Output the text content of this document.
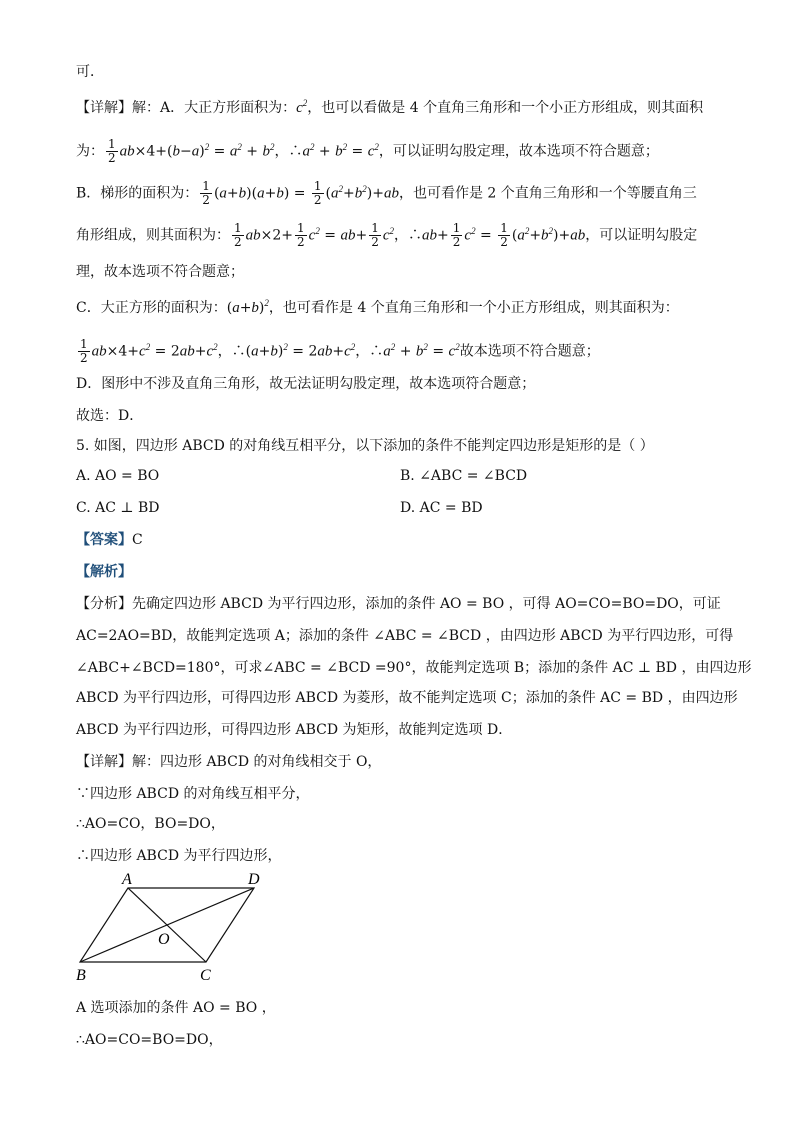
可．
【详解】解：A．大正方形面积为：$c^2$，也可以看做是 4 个直角三角形和一个小正方形组成，则其面积
为： $\frac{1}{2} ab\times 4+(b-a)^2 = a^2 + b^2$，$\therefore a^2 + b^2 = c^2$，可以证明勾股定理，故本选项不符合题意；
B．梯形的面积为： $\frac{1}{2} (a+b)(a+b) = \frac{1}{2} (a^2+b^2)+ab$，也可看作是 2 个直角三角形和一个等腰直角三
角形组成，则其面积为： $\frac{1}{2} ab\times 2+ \frac{1}{2} c^2 = ab+ \frac{1}{2} c^2$，∴ab+ $\frac{1}{2} c^2 = \frac{1}{2} (a^2+b^2)+ab$，可以证明勾股定
理，故本选项不符合题意；
C．大正方形的面积为：$(a+b)^2$，也可看作是 4 个直角三角形和一个小正方形组成，则其面积为：
$\frac{1}{2} ab\times 4+c^2 = 2ab+c^2$，$\therefore(a+b)^2 = 2ab+c^2$，$\therefore a^2 + b^2 = c^2$故本选项不符合题意；
D．图形中不涉及直角三角形，故无法证明勾股定理，故本选项符合题意；
故选：D．
5. 如图，四边形 ABCD 的对角线互相平分，以下添加的条件不能判定四边形是矩形的是（ ）
A. AO = BO	B. ∠ABC = ∠BCD
C. AC ⊥ BD	D. AC = BD
【答案】C
【解析】
【分析】先确定四边形 ABCD 为平行四边形，添加的条件 AO = BO ，可得 AO=CO=BO=DO，可证
AC=2AO=BD，故能判定选项 A；添加的条件 ∠ABC = ∠BCD ，由四边形 ABCD 为平行四边形，可得
∠ABC+∠BCD=180°，可求∠ABC = ∠BCD =90°，故能判定选项 B；添加的条件 AC ⊥ BD ，由四边形
ABCD 为平行四边形，可得四边形 ABCD 为菱形，故不能判定选项 C；添加的条件 AC = BD ，由四边形
ABCD 为平行四边形，可得四边形 ABCD 为矩形，故能判定选项 D．
【详解】解：四边形 ABCD 的对角线相交于 O，
∵四边形 ABCD 的对角线互相平分，
∴AO=CO，BO=DO，
∴四边形 ABCD 为平行四边形，
A	D
O
B	C
A 选项添加的条件 AO = BO ，
∴AO=CO=BO=DO，
